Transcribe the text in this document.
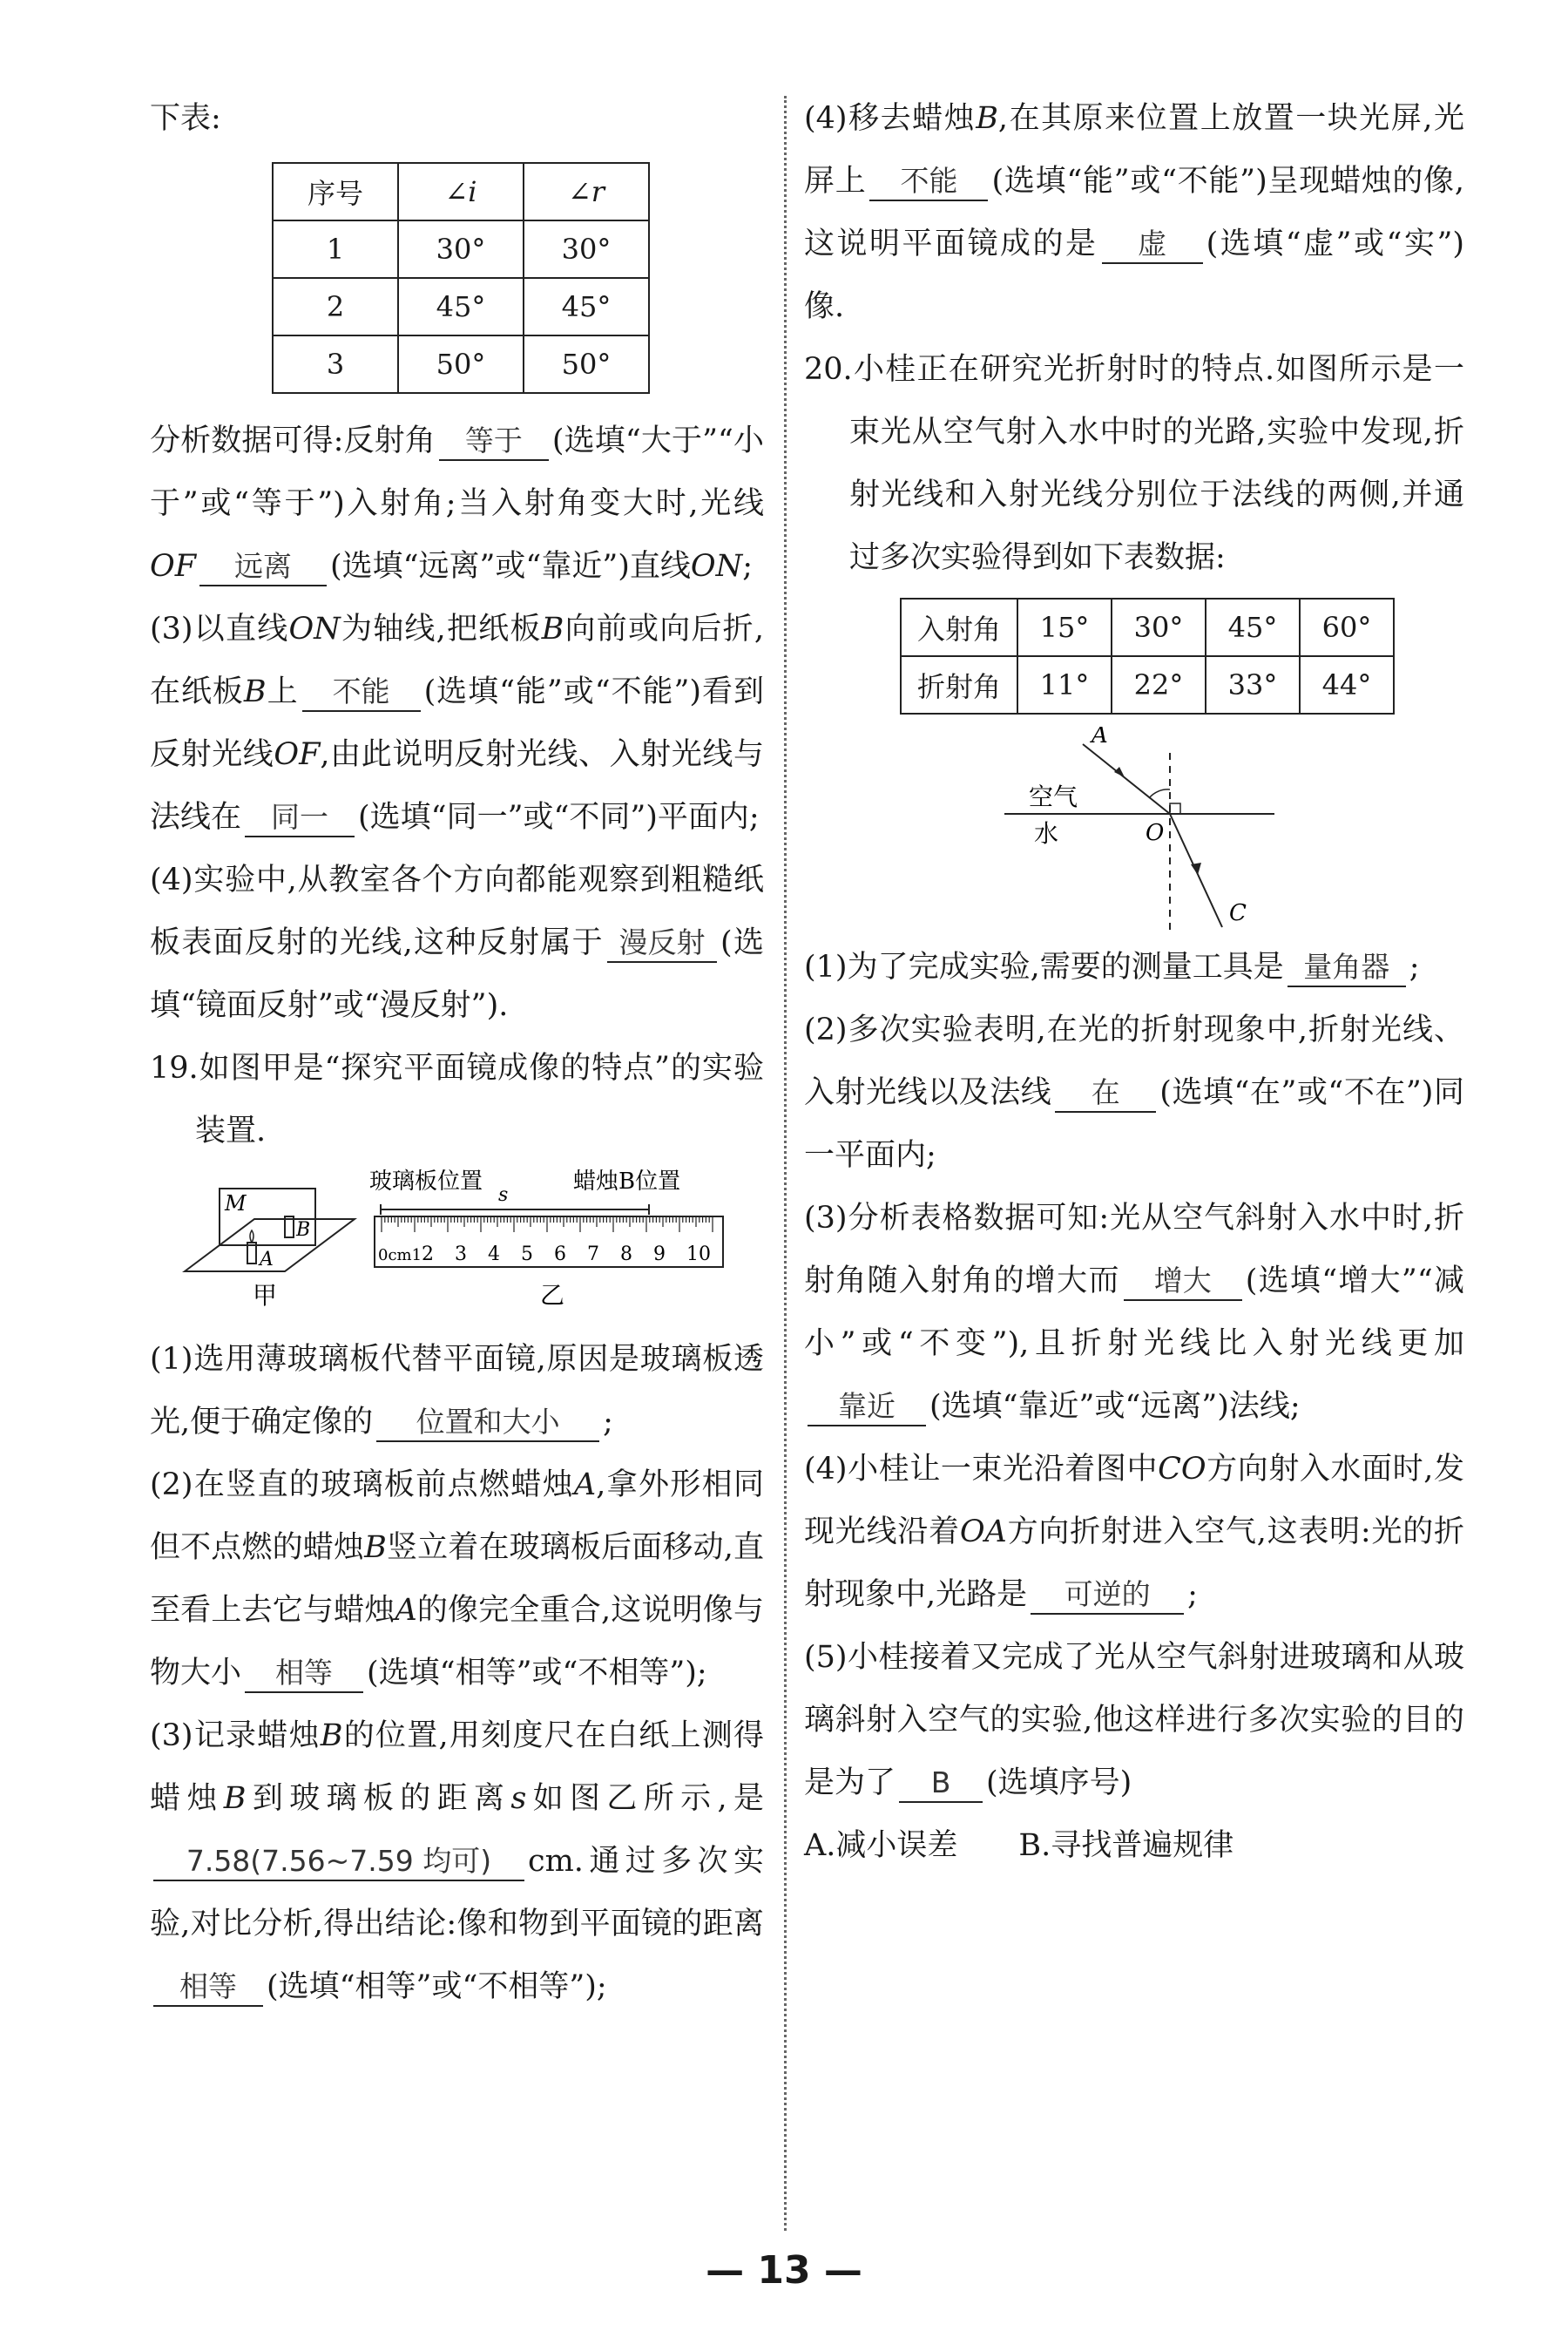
下表:

序号	∠i	∠r
1	30°	30°
2	45°	45°
3	50°	50°

分析数据可得:反射角 等于 (选填“大于”“小于”或“等于”)入射角;当入射角变大时,光线 OF 远离 (选填“远离”或“靠近”)直线ON;

(3)以直线ON为轴线,把纸板B向前或向后折,在纸板B上 不能 (选填“能”或“不能”)看到反射光线OF,由此说明反射光线、入射光线与法线在 同一 (选填“同一”或“不同”)平面内;

(4)实验中,从教室各个方向都能观察到粗糙纸板表面反射的光线,这种反射属于 漫反射 (选填“镜面反射”或“漫反射”).

19.如图甲是“探究平面镜成像的特点”的实验装置.

M
A
B
甲
玻璃板位置	蜡烛B位置
s
0cm1 2 3 4 5 6 7 8 9 10
乙

(1)选用薄玻璃板代替平面镜,原因是玻璃板透光,便于确定像的 位置和大小 ;

(2)在竖直的玻璃板前点燃蜡烛A,拿外形相同但不点燃的蜡烛B竖立着在玻璃板后面移动,直至看上去它与蜡烛A的像完全重合,这说明像与物大小 相等 (选填“相等”或“不相等”);

(3)记录蜡烛B的位置,用刻度尺在白纸上测得蜡烛B到玻璃板的距离s如图乙所示,是7.58(7.56~7.59 均可) cm.通过多次实验,对比分析,得出结论:像和物到平面镜的距离相等 (选填“相等”或“不相等”);

(4)移去蜡烛B,在其原来位置上放置一块光屏,光屏上 不能 (选填“能”或“不能”)呈现蜡烛的像,这说明平面镜成的是 虚 (选填“虚”或“实”)像.

20.小桂正在研究光折射时的特点.如图所示是一束光从空气射入水中时的光路,实验中发现,折射光线和入射光线分别位于法线的两侧,并通过多次实验得到如下表数据:

入射角	15°	30°	45°	60°
折射角	11°	22°	33°	44°
A
空气
水	O
C

(1)为了完成实验,需要的测量工具是 量角器 ;

(2)多次实验表明,在光的折射现象中,折射光线、入射光线以及法线 在 (选填“在”或“不在”)同一平面内;

(3)分析表格数据可知:光从空气斜射入水中时,折射角随入射角的增大而 增大 (选填“增大”“减小”或“不变”),且折射光线比入射光线更加靠近 (选填“靠近”或“远离”)法线;

(4)小桂让一束光沿着图中CO方向射入水面时,发现光线沿着OA方向折射进入空气,这表明:光的折射现象中,光路是 可逆的 ;

(5)小桂接着又完成了光从空气斜射进玻璃和从玻璃斜射入空气的实验,他这样进行多次实验的目的是为了 B (选填序号)

A.减小误差 B.寻找普遍规律
— 13 —
